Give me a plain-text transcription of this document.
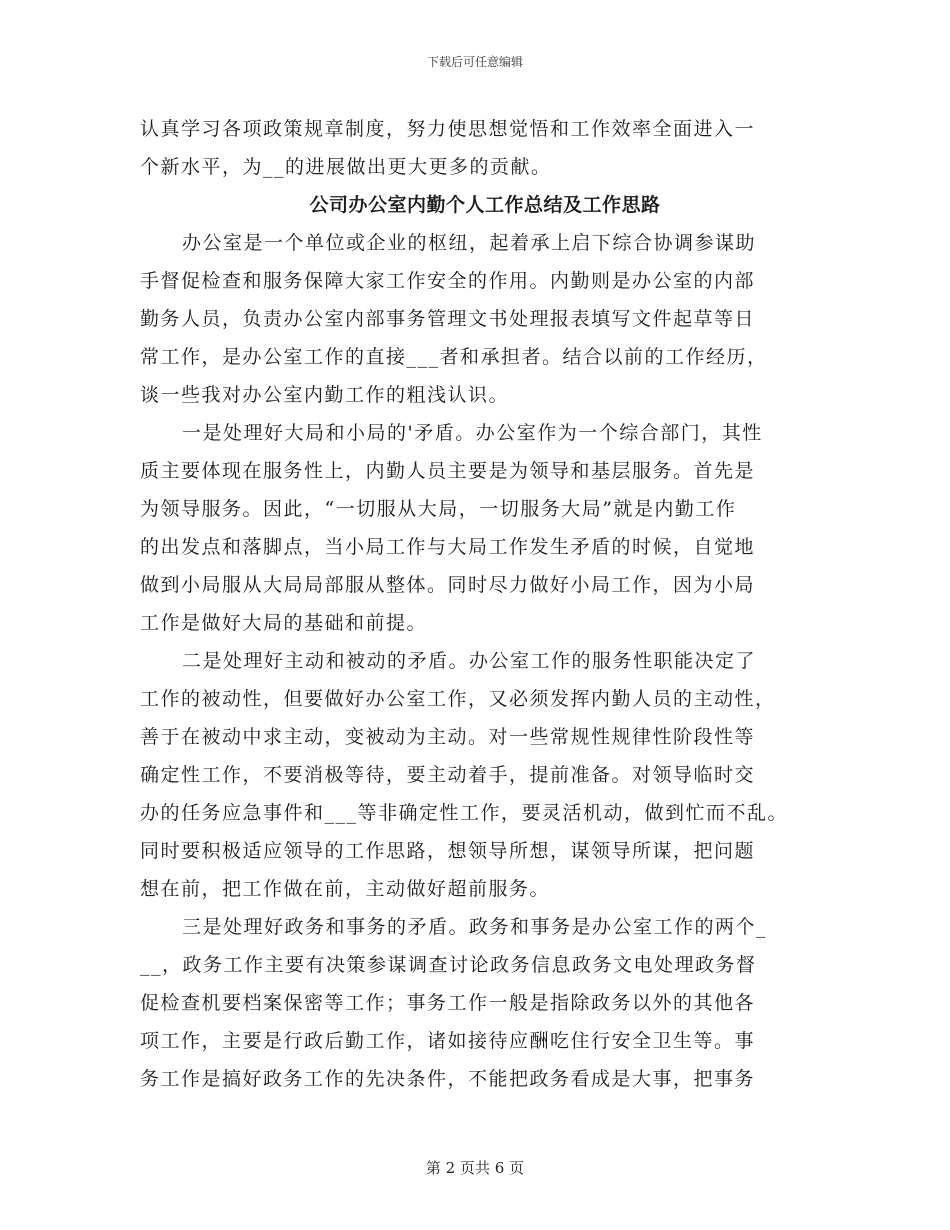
下载后可任意编辑
认真学习各项政策规章制度，努力使思想觉悟和工作效率全面进入一
个新水平，为__的进展做出更大更多的贡献。
公司办公室内勤个人工作总结及工作思路
办公室是一个单位或企业的枢纽，起着承上启下综合协调参谋助
手督促检查和服务保障大家工作安全的作用。内勤则是办公室的内部
勤务人员，负责办公室内部事务管理文书处理报表填写文件起草等日
常工作，是办公室工作的直接___者和承担者。结合以前的工作经历，
谈一些我对办公室内勤工作的粗浅认识。
一是处理好大局和小局的'矛盾。办公室作为一个综合部门，其性
质主要体现在服务性上，内勤人员主要是为领导和基层服务。首先是
为领导服务。因此，“一切服从大局，一切服务大局”就是内勤工作
的出发点和落脚点，当小局工作与大局工作发生矛盾的时候，自觉地
做到小局服从大局局部服从整体。同时尽力做好小局工作，因为小局
工作是做好大局的基础和前提。
二是处理好主动和被动的矛盾。办公室工作的服务性职能决定了
工作的被动性，但要做好办公室工作，又必须发挥内勤人员的主动性，
善于在被动中求主动，变被动为主动。对一些常规性规律性阶段性等
确定性工作，不要消极等待，要主动着手，提前准备。对领导临时交
办的任务应急事件和___等非确定性工作，要灵活机动，做到忙而不乱。
同时要积极适应领导的工作思路，想领导所想，谋领导所谋，把问题
想在前，把工作做在前，主动做好超前服务。
三是处理好政务和事务的矛盾。政务和事务是办公室工作的两个_
__，政务工作主要有决策参谋调查讨论政务信息政务文电处理政务督
促检查机要档案保密等工作；事务工作一般是指除政务以外的其他各
项工作，主要是行政后勤工作，诸如接待应酬吃住行安全卫生等。事
务工作是搞好政务工作的先决条件，不能把政务看成是大事，把事务
第 2 页共 6 页
